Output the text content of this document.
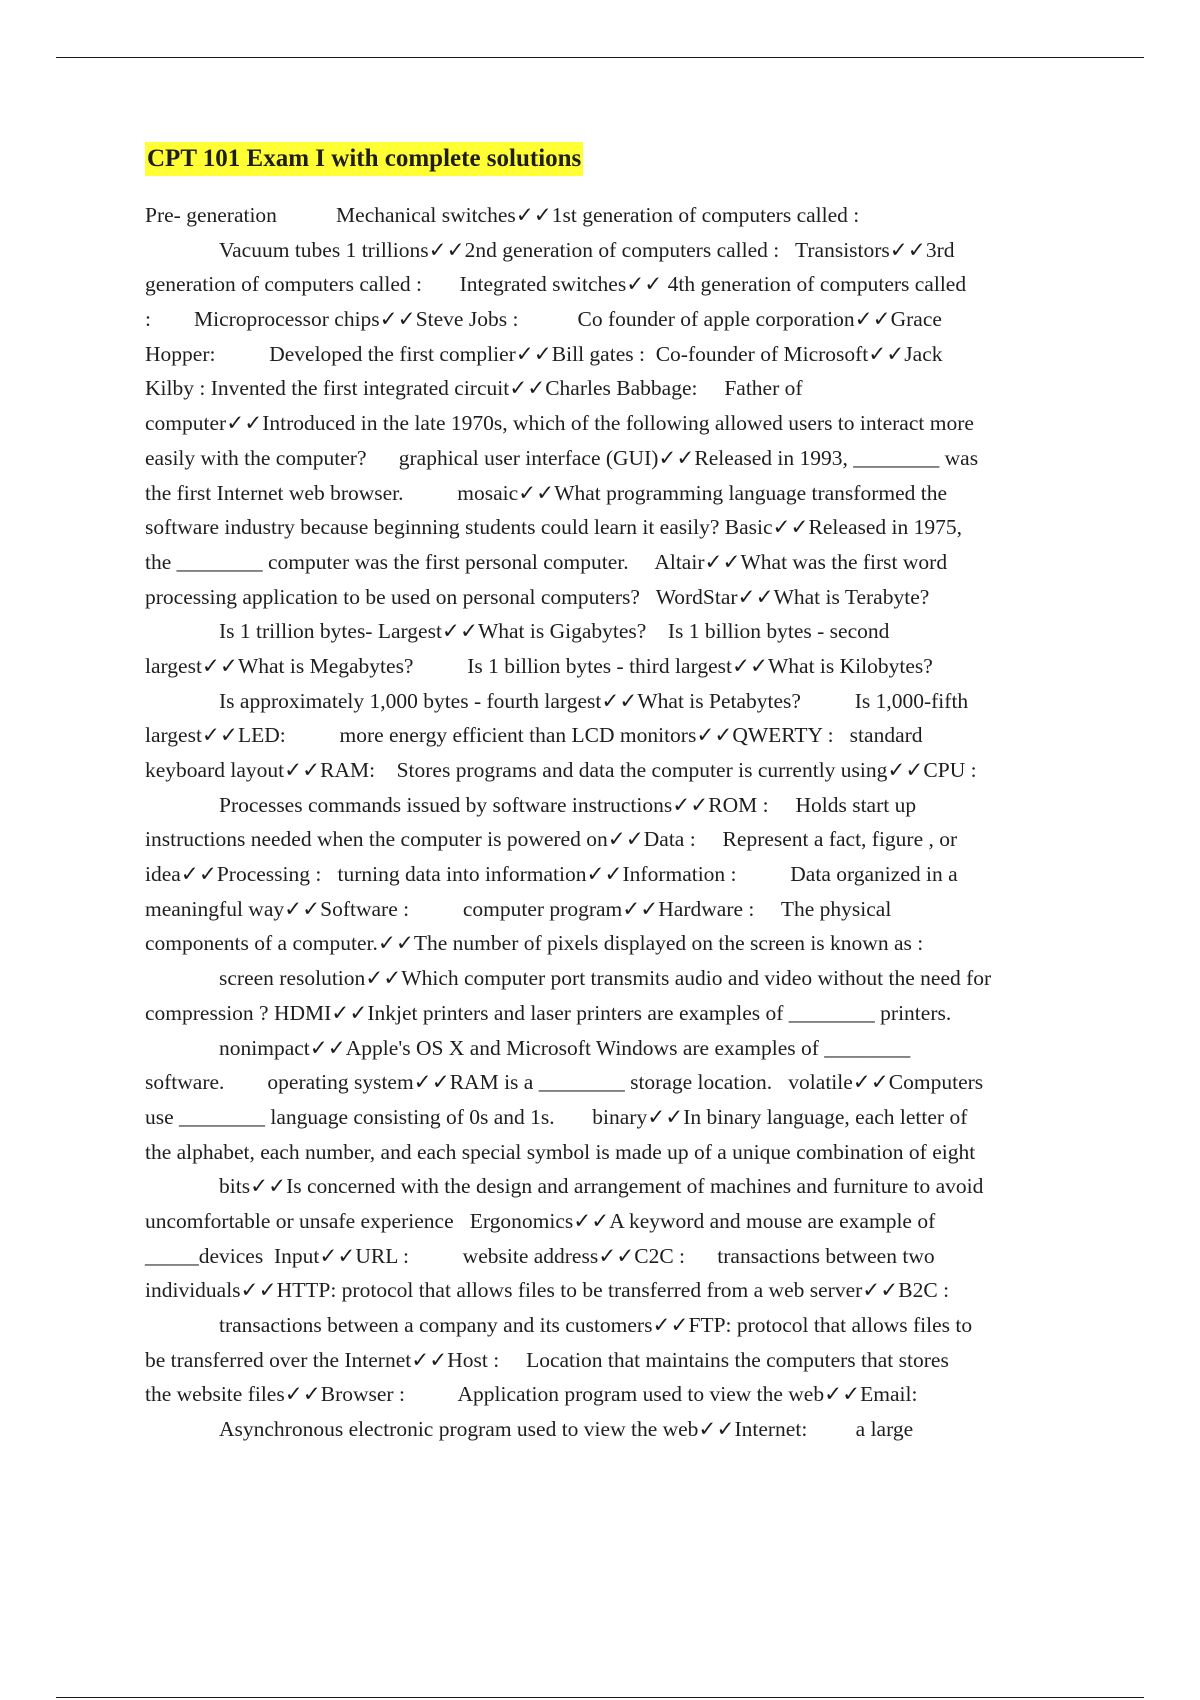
CPT 101 Exam I with complete solutions
Pre- generation           Mechanical switches✓✓1st generation of computers called :
Vacuum tubes 1 trillions✓✓2nd generation of computers called :   Transistors✓✓3rd
generation of computers called :       Integrated switches✓✓ 4th generation of computers called
:        Microprocessor chips✓✓Steve Jobs :           Co founder of apple corporation✓✓Grace
Hopper:          Developed the first complier✓✓Bill gates :  Co-founder of Microsoft✓✓Jack
Kilby : Invented the first integrated circuit✓✓Charles Babbage:     Father of
computer✓✓Introduced in the late 1970s, which of the following allowed users to interact more
easily with the computer?      graphical user interface (GUI)✓✓Released in 1993, ________ was
the first Internet web browser.          mosaic✓✓What programming language transformed the
software industry because beginning students could learn it easily? Basic✓✓Released in 1975,
the ________ computer was the first personal computer.     Altair✓✓What was the first word
processing application to be used on personal computers?   WordStar✓✓What is Terabyte?
Is 1 trillion bytes- Largest✓✓What is Gigabytes?    Is 1 billion bytes - second
largest✓✓What is Megabytes?          Is 1 billion bytes - third largest✓✓What is Kilobytes?
Is approximately 1,000 bytes - fourth largest✓✓What is Petabytes?          Is 1,000-fifth
largest✓✓LED:          more energy efficient than LCD monitors✓✓QWERTY :   standard
keyboard layout✓✓RAM:    Stores programs and data the computer is currently using✓✓CPU :
Processes commands issued by software instructions✓✓ROM :     Holds start up
instructions needed when the computer is powered on✓✓Data :     Represent a fact, figure , or
idea✓✓Processing :   turning data into information✓✓Information :          Data organized in a
meaningful way✓✓Software :          computer program✓✓Hardware :     The physical
components of a computer.✓✓The number of pixels displayed on the screen is known as :
screen resolution✓✓Which computer port transmits audio and video without the need for
compression ? HDMI✓✓Inkjet printers and laser printers are examples of ________ printers.
nonimpact✓✓Apple's OS X and Microsoft Windows are examples of ________
software.        operating system✓✓RAM is a ________ storage location.   volatile✓✓Computers
use ________ language consisting of 0s and 1s.       binary✓✓In binary language, each letter of
the alphabet, each number, and each special symbol is made up of a unique combination of eight
bits✓✓Is concerned with the design and arrangement of machines and furniture to avoid
uncomfortable or unsafe experience   Ergonomics✓✓A keyword and mouse are example of
_____devices  Input✓✓URL :          website address✓✓C2C :      transactions between two
individuals✓✓HTTP: protocol that allows files to be transferred from a web server✓✓B2C :
transactions between a company and its customers✓✓FTP: protocol that allows files to
be transferred over the Internet✓✓Host :     Location that maintains the computers that stores
the website files✓✓Browser :          Application program used to view the web✓✓Email:
Asynchronous electronic program used to view the web✓✓Internet:         a large
